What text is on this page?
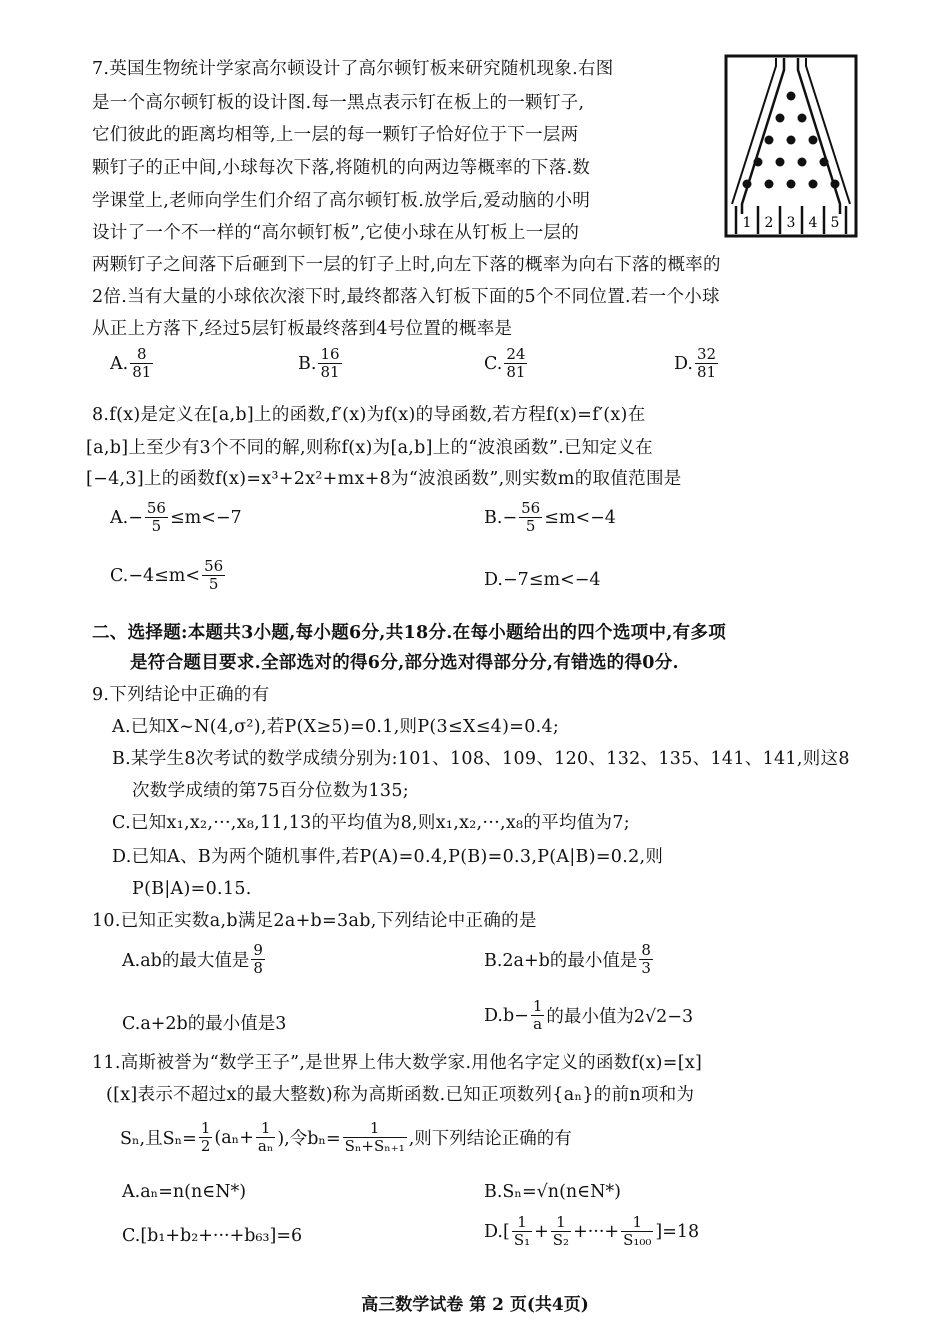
7.英国生物统计学家高尔顿设计了高尔顿钉板来研究随机现象.右图
是一个高尔顿钉板的设计图.每一黑点表示钉在板上的一颗钉子,
它们彼此的距离均相等,上一层的每一颗钉子恰好位于下一层两
颗钉子的正中间,小球每次下落,将随机的向两边等概率的下落.数
学课堂上,老师向学生们介绍了高尔顿钉板.放学后,爱动脑的小明
设计了一个不一样的“高尔顿钉板”,它使小球在从钉板上一层的
两颗钉子之间落下后砸到下一层的钉子上时,向左下落的概率为向右下落的概率的
2倍.当有大量的小球依次滚下时,最终都落入钉板下面的5个不同位置.若一个小球
从正上方落下,经过5层钉板最终落到4号位置的概率是
1 2 3 4 5
A. $\frac{8}{81}$	B. $\frac{16}{81}$	C. $\frac{24}{81}$	D. $\frac{32}{81}$
8.f(x)是定义在[a,b]上的函数,f′(x)为f(x)的导函数,若方程f(x)=f′(x)在
[a,b]上至少有3个不同的解,则称f(x)为[a,b]上的“波浪函数”.已知定义在
[−4,3]上的函数f(x)=x³+2x²+mx+8为“波浪函数”,则实数m的取值范围是
A. − $\frac{56}{5} \le m<-7$	B. − $\frac{56}{5} \le m<-4$
C. $-4\le m< \frac{56}{5}$	D. −7≤m<−4
二、选择题:本题共3小题,每小题6分,共18分.在每小题给出的四个选项中,有多项
是符合题目要求.全部选对的得6分,部分选对得部分分,有错选的得0分.
9.下列结论中正确的有
A.已知X~N(4,σ²),若P(X≥5)=0.1,则P(3≤X≤4)=0.4;
B.某学生8次考试的数学成绩分别为:101、108、109、120、132、135、141、141,则这8
次数学成绩的第75百分位数为135;
C.已知x₁,x₂,···,x₈,11,13的平均值为8,则x₁,x₂,···,x₈的平均值为7;
D.已知A、B为两个随机事件,若P(A)=0.4,P(B)=0.3,P(A|B)=0.2,则
P(B|A)=0.15.
10.已知正实数a,b满足2a+b=3ab,下列结论中正确的是
A.ab的最大值是 $\frac{9}{8}$	B.2a+b的最小值是 $\frac{8}{3}$
C.a+2b的最小值是3	$D.b- \frac{1}{a}$ 的最小值为2√2−3
11.高斯被誉为“数学王子”,是世界上伟大数学家.用他名字定义的函数f(x)=[x]
([x]表示不超过x的最大整数)称为高斯函数.已知正项数列{aₙ}的前n项和为
Sₙ,且$S_n= \frac{1}{2} (a_n+ \frac{1}{\text{aₙ}}$ ),令$b_n= \frac{1}{\text{Sₙ+Sₙ₊₁}}$ ,则下列结论正确的有
A.aₙ=n(n∈N*)	B.Sₙ=√n(n∈N*)
C.[b₁+b₂+···+b₆₃]=6	$D.[ \frac{1}{\text{S₁}} + \frac{1}{\text{S₂}}$ +···+ $\frac{1}{\text{S₁₀₀}} ]=18$
高三数学试卷 第 2 页(共4页)
